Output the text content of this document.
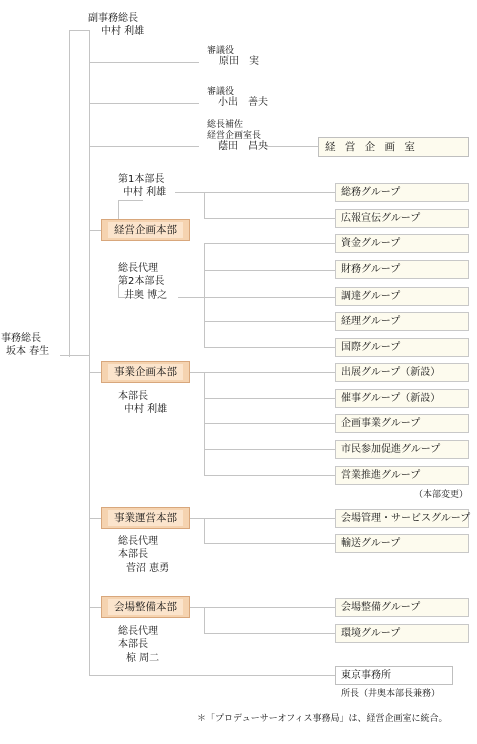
副事務総長
中村 利雄
審議役
原田　実
審議役
小出　善夫
総長補佐
経営企画室長
蔭田　昌央	経 営 企 画 室
事務総長
坂本 春生
第1本部長
中村 利雄
経営企画本部
総長代理
第2本部長
井奥 博之
総務グループ
広報宣伝グループ
資金グループ
財務グループ
調達グループ
経理グループ
国際グループ
事業企画本部
本部長
中村 利雄
出展グループ（新設）
催事グループ（新設）
企画事業グループ
市民参加促進グループ
営業推進グループ
（本部変更）
事業運営本部
総長代理
本部長
菅沼 恵勇
会場管理・サービスグループ
輸送グループ
会場整備本部
総長代理
本部長
椋 周二
会場整備グループ
環境グループ
東京事務所
所長（井奥本部長兼務）
＊「プロデューサーオフィス事務局」は、経営企画室に統合。
